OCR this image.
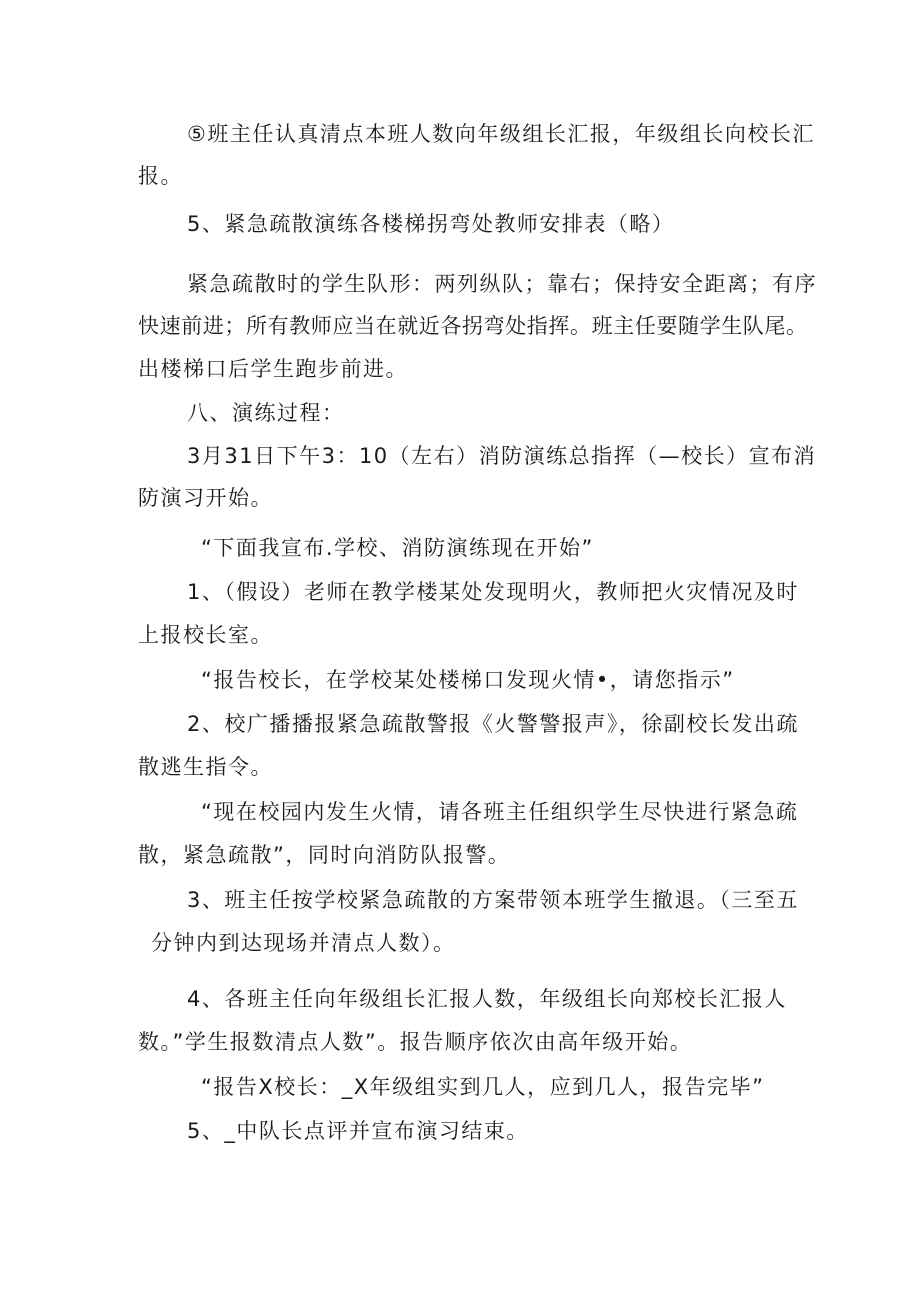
⑤班主任认真清点本班人数向年级组长汇报，年级组长向校长汇
报。
5、紧急疏散演练各楼梯拐弯处教师安排表（略）
紧急疏散时的学生队形：两列纵队；靠右；保持安全距离；有序
快速前进；所有教师应当在就近各拐弯处指挥。班主任要随学生队尾。
出楼梯口后学生跑步前进。
八、演练过程：
3月31日下午3：10（左右）消防演练总指挥（—校长）宣布消
防演习开始。
“下面我宣布.学校、消防演练现在开始”
1、（假设）老师在教学楼某处发现明火，教师把火灾情况及时
上报校长室。
“报告校长，在学校某处楼梯口发现火情•，请您指示”
2、校广播播报紧急疏散警报《火警警报声》，徐副校长发出疏
散逃生指令。
“现在校园内发生火情，请各班主任组织学生尽快进行紧急疏
散，紧急疏散”，同时向消防队报警。
3、班主任按学校紧急疏散的方案带领本班学生撤退。（三至五
分钟内到达现场并清点人数）。
4、各班主任向年级组长汇报人数，年级组长向郑校长汇报人
数。”学生报数清点人数”。报告顺序依次由高年级开始。
“报告X校长：_X年级组实到几人，应到几人，报告完毕”
5、_中队长点评并宣布演习结束。
